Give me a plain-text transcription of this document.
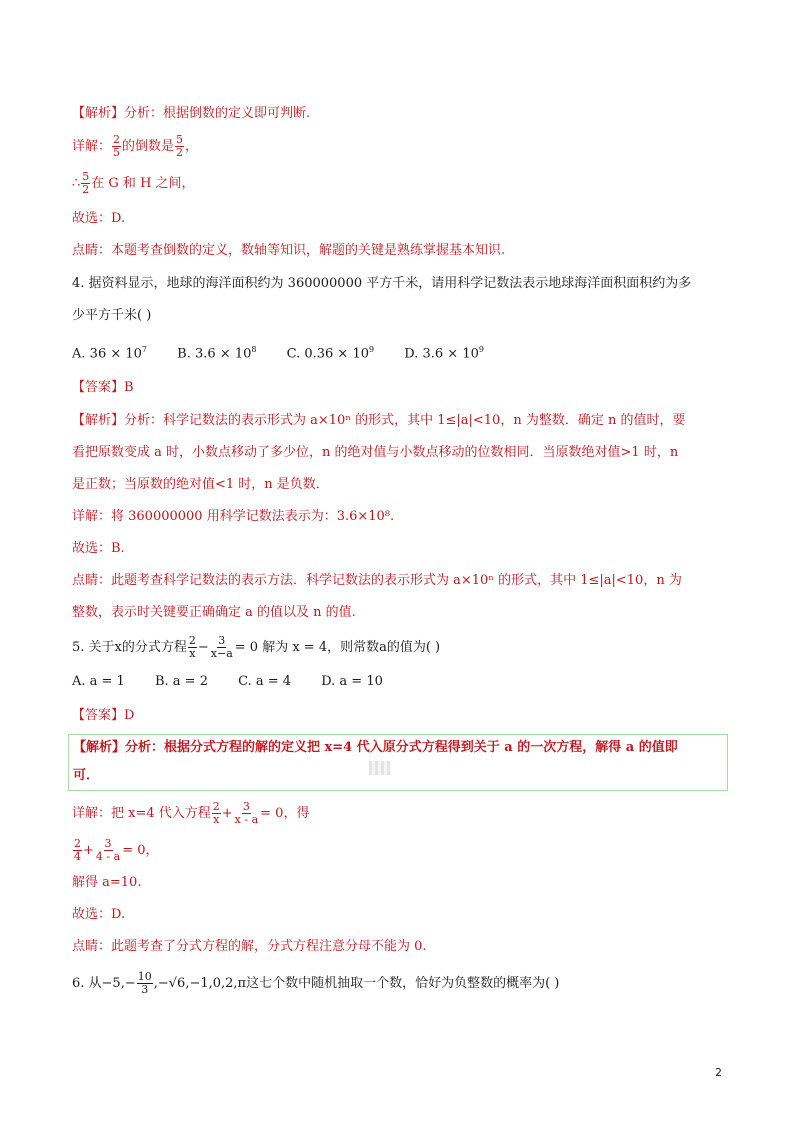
【解析】分析：根据倒数的定义即可判断.

详解： $\frac{2}{5}$ 的倒数是 $\frac{5}{2}$ ，

∴ $\frac{5}{2}$ 在 G 和 H 之间，

故选：D.

点睛：本题考查倒数的定义，数轴等知识，解题的关键是熟练掌握基本知识.

4. 据资料显示，地球的海洋面积约为 360000000 平方千米，请用科学记数法表示地球海洋面积面积约为多

少平方千米( )

A. $36 \times 10^7$ B. $3.6 \times 10^8$ C. $0.36 \times 10^9$ D. $3.6 \times 10^9$

【答案】B

【解析】分析：科学记数法的表示形式为 a×10ⁿ 的形式，其中 1≤|a|<10，n 为整数．确定 n 的值时，要

看把原数变成 a 时，小数点移动了多少位，n 的绝对值与小数点移动的位数相同．当原数绝对值>1 时，n

是正数；当原数的绝对值<1 时，n 是负数．

详解：将 360000000 用科学记数法表示为：3.6×10⁸.

故选：B.

点睛：此题考查科学记数法的表示方法．科学记数法的表示形式为 a×10ⁿ 的形式，其中 1≤|a|<10，n 为

整数，表示时关键要正确确定 a 的值以及 n 的值.

5. 关于x的分式方程 $\frac{2}{x} - \frac{3}{x-a} = 0$ 解为 x = 4，则常数a的值为( )

A. a = 1 B. a = 2 C. a = 4 D. a = 10

【答案】D

【解析】分析：根据分式方程的解的定义把 x=4 代入原分式方程得到关于 a 的一次方程，解得 a 的值即

可．

详解：把 x=4 代入方程 $\frac{2}{x} + \frac{3}{x - a} = 0$，得

$\frac{2}{4} + \frac{3}{4 - a} = 0$，

解得 a=10.

故选：D.

点睛：此题考查了分式方程的解，分式方程注意分母不能为 0.

6. 从$-5,- \frac{10}{3} ,-√6,-1,0,2,\pi$这七个数中随机抽取一个数，恰好为负整数的概率为( )

2
